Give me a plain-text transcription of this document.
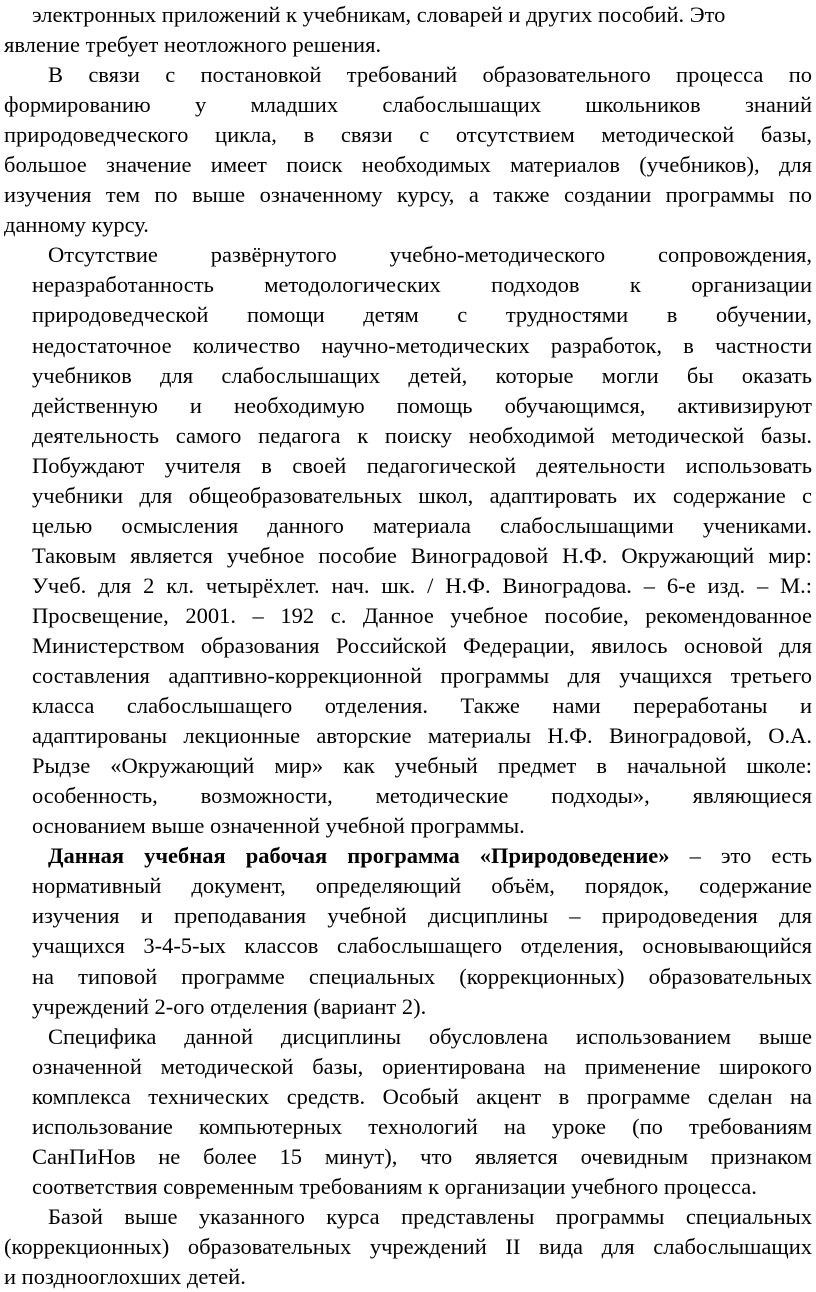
электронных приложений к учебникам, словарей и других пособий. Это
явление требует неотложного решения.
В связи с постановкой требований образовательного процесса по
формированию у младших слабослышащих школьников знаний
природоведческого цикла, в связи с отсутствием методической базы,
большое значение имеет поиск необходимых материалов (учебников), для
изучения тем по выше означенному курсу, а также создании программы по
данному курсу.
Отсутствие развёрнутого учебно-методического сопровождения,
неразработанность методологических подходов к организации
природоведческой помощи детям с трудностями в обучении,
недостаточное количество научно-методических разработок, в частности
учебников для слабослышащих детей, которые могли бы оказать
действенную и необходимую помощь обучающимся, активизируют
деятельность самого педагога к поиску необходимой методической базы.
Побуждают учителя в своей педагогической деятельности использовать
учебники для общеобразовательных школ, адаптировать их содержание с
целью осмысления данного материала слабослышащими учениками.
Таковым является учебное пособие Виноградовой Н.Ф. Окружающий мир:
Учеб. для 2 кл. четырёхлет. нач. шк. / Н.Ф. Виноградова. – 6-е изд. – М.:
Просвещение, 2001. – 192 с. Данное учебное пособие, рекомендованное
Министерством образования Российской Федерации, явилось основой для
составления адаптивно-коррекционной программы для учащихся третьего
класса слабослышащего отделения. Также нами переработаны и
адаптированы лекционные авторские материалы Н.Ф. Виноградовой, О.А.
Рыдзе «Окружающий мир» как учебный предмет в начальной школе:
особенность, возможности, методические подходы», являющиеся
основанием выше означенной учебной программы.
Данная учебная рабочая программа «Природоведение» – это есть
нормативный документ, определяющий объём, порядок, содержание
изучения и преподавания учебной дисциплины – природоведения для
учащихся 3-4-5-ых классов слабослышащего отделения, основывающийся
на типовой программе специальных (коррекционных) образовательных
учреждений 2-ого отделения (вариант 2).
Специфика данной дисциплины обусловлена использованием выше
означенной методической базы, ориентирована на применение широкого
комплекса технических средств. Особый акцент в программе сделан на
использование компьютерных технологий на уроке (по требованиям
СанПиНов не более 15 минут), что является очевидным признаком
соответствия современным требованиям к организации учебного процесса.
Базой выше указанного курса представлены программы специальных
(коррекционных) образовательных учреждений II вида для слабослышащих
и позднооглохших детей.
